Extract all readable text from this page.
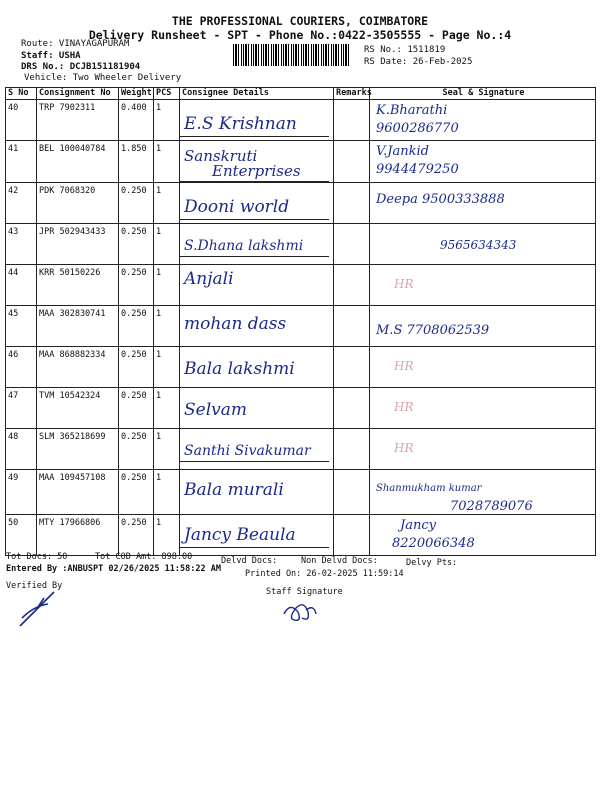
THE PROFESSIONAL COURIERS, COIMBATORE
Delivery Runsheet - SPT - Phone No.:0422-3505555 - Page No.:4
Route: VINAYAGAPURAM
Staff: USHA
DRS No.: DCJB151181904
Vehicle: Two Wheeler Delivery
RS No.: 1511819
RS Date: 26-Feb-2025
S No	Consignment No	Weight	PCS	Consignee Details	Remarks	Seal & Signature
40	TRP 7902311	0.400	1	E.S Krishnan		K.Bharathi
9600286770

41	BEL 100040784	1.850	1	Sanskruti
Enterprises		V.Jankid
9944479250

42	PDK 7068320	0.250	1	Dooni world		Deepa 9500333888

43	JPR 502943433	0.250	1	S.Dhana lakshmi		9565634343

44	KRR 50150226	0.250	1	Anjali		HR

45	MAA 302830741	0.250	1	mohan dass		M.S 7708062539

46	MAA 868882334	0.250	1	Bala lakshmi		HR

47	TVM 10542324	0.250	1	Selvam		HR

48	SLM 365218699	0.250	1	Santhi Sivakumar		HR

49	MAA 109457108	0.250	1	Bala murali		Shanmukham kumar
7028789076

50	MTY 17966806	0.250	1	Jancy Beaula		Jancy
8220066348
Tot Docs: 50	Tot COD Amt: 898.00	Delvd Docs:	Non Delvd Docs:	Delvy Pts:
Entered By :ANBUSPT 02/26/2025 11:58:22 AM	Printed On: 26-02-2025 11:59:14
Verified By
Staff Signature
